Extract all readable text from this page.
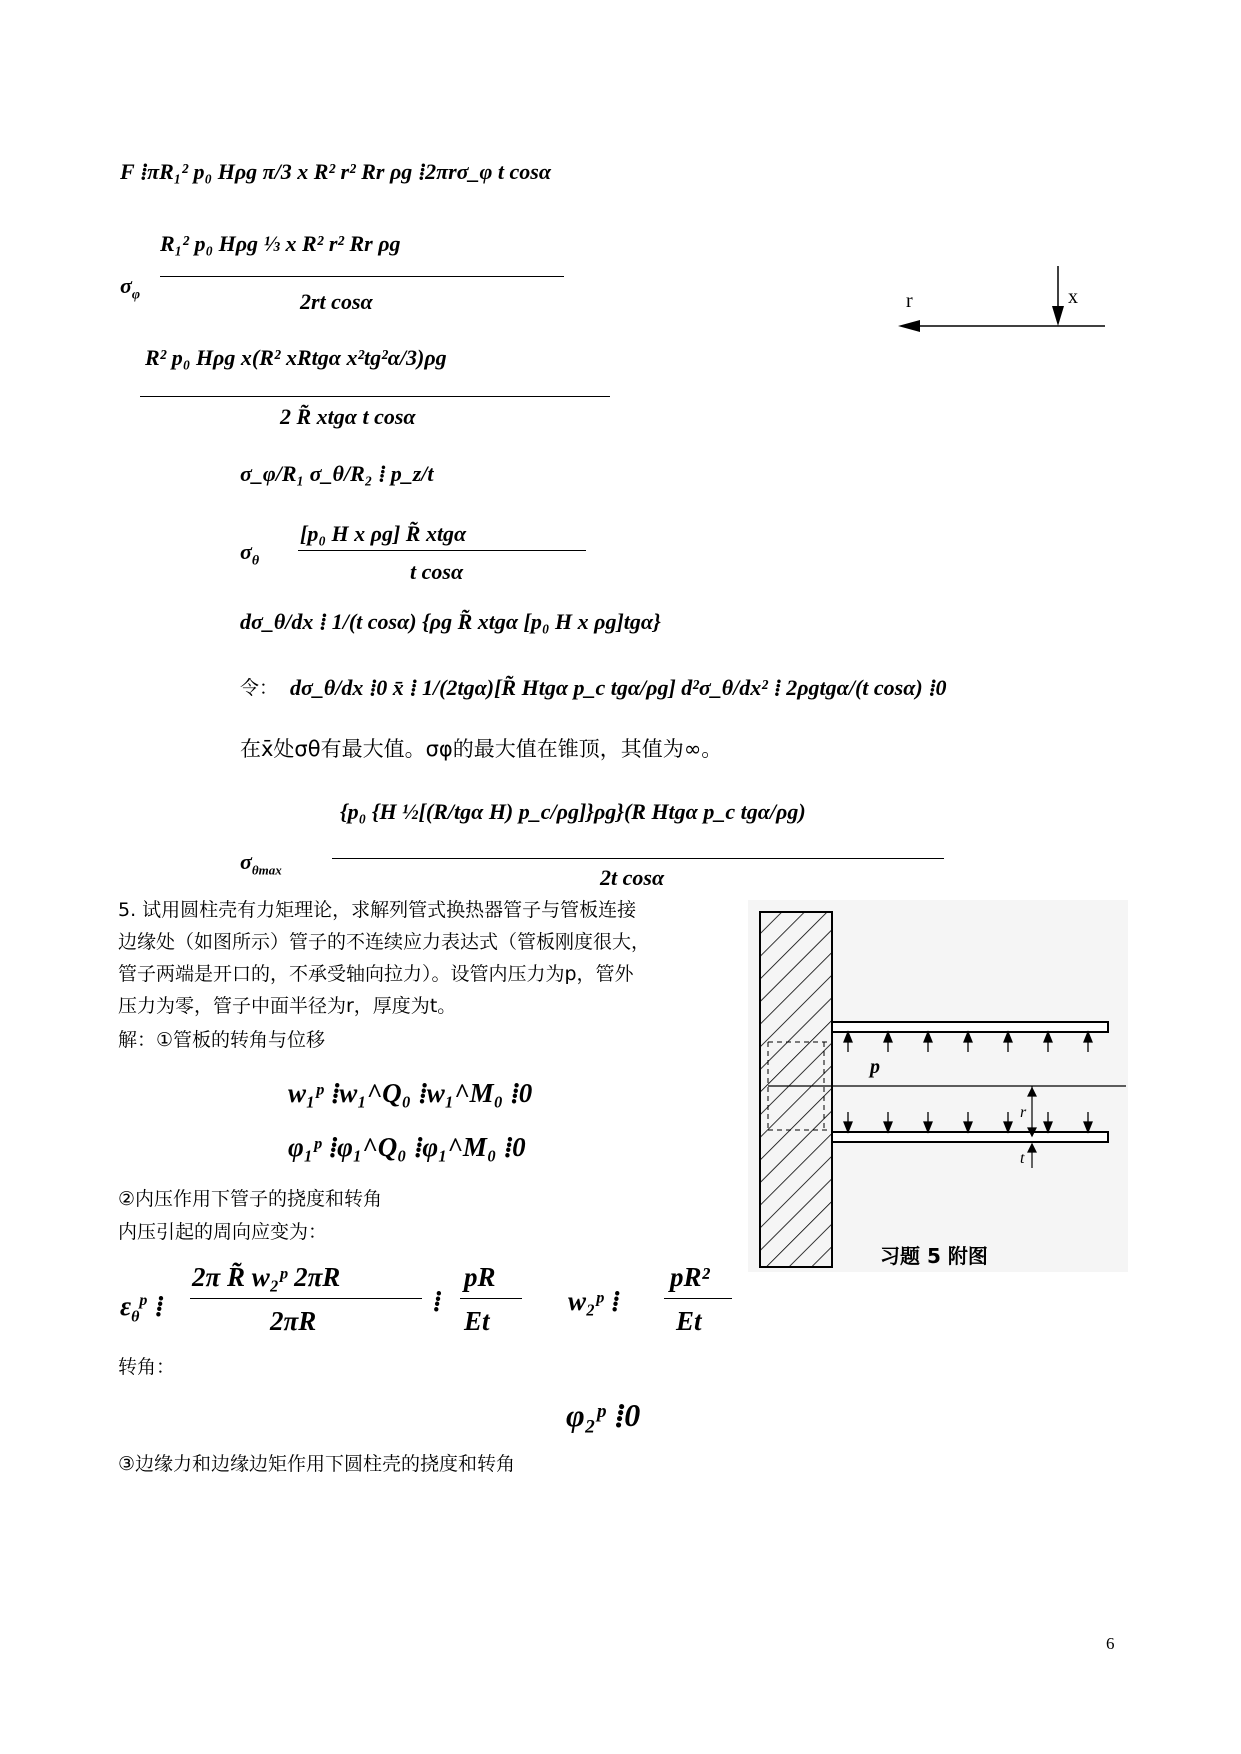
F ⁞πR₁² p₀ Hρg π/3 x R² r² Rr ρg ⁞2πrσ_φ t cosα
R₁² p₀ Hρg ⅓ x R² r² Rr ρg
$\sigma_\varphi$	2rt cosα
R² p₀ Hρg x(R² xRtgα x²tg²α/3)ρg
2 R̃ xtgα t cosα
σ_φ/R₁ σ_θ/R₂ ⁞ p_z/t
[p₀ H x ρg] R̃ xtgα
$\sigma_\theta$	t cosα
dσ_θ/dx ⁞ 1/(t cosα) {ρg R̃ xtgα [p₀ H x ρg]tgα}
令： dσ_θ/dx ⁞0 x̄ ⁞ 1/(2tgα)[R̃ Htgα p_c tgα/ρg] d²σ_θ/dx² ⁞ 2ρgtgα/(t cosα) ⁞0
在x̄处σθ有最大值。σφ的最大值在锥顶，其值为∞。
{p₀ {H ½[(R/tgα H) p_c/ρg]}ρg}(R Htgα p_c tgα/ρg)
$\sigma_{\theta max}$	2t cosα
r	x
5. 试用圆柱壳有力矩理论，求解列管式换热器管子与管板连接
边缘处（如图所示）管子的不连续应力表达式（管板刚度很大，
管子两端是开口的，不承受轴向拉力）。设管内压力为p，管外
压力为零，管子中面半径为r，厚度为t。
解：①管板的转角与位移
w₁ᵖ ⁞w₁^Q₀ ⁞w₁^M₀ ⁞0
φ₁ᵖ ⁞φ₁^Q₀ ⁞φ₁^M₀ ⁞0
②内压作用下管子的挠度和转角
内压引起的周向应变为：
$\varepsilon_\theta^p$ ⁞
2π R̃ w₂ᵖ 2πR
2πR
⁞
pR
Et
w₂ᵖ ⁞
pR²
Et
转角：
φ₂ᵖ ⁞0
③边缘力和边缘边矩作用下圆柱壳的挠度和转角
p
r
t
习题 5 附图
6
